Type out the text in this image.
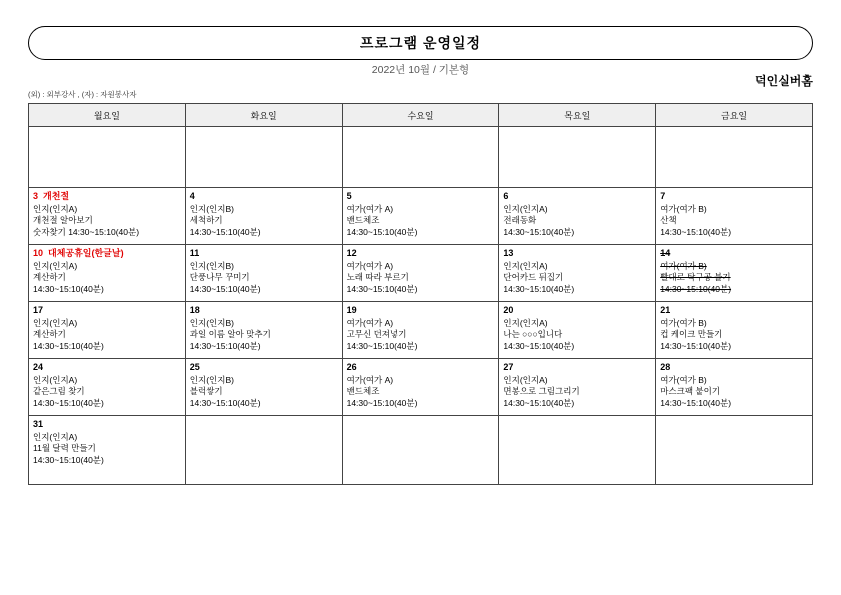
프로그램 운영일정
2022년 10월 / 기본형
(외) : 외부강사 , (자) : 자원봉사자
덕인실버홈
월요일	화요일	수요일	목요일	금요일

3  개천절
인지(인지A)
개천절 알아보기
숫자찾기 14:30~15:10(40분)	4
인지(인지B)
세척하기
14:30~15:10(40분)	5
여가(여가 A)
밴드체조
14:30~15:10(40분)	6
인지(인지A)
전래동화
14:30~15:10(40분)	7
여가(여가 B)
산책
14:30~15:10(40분)

10  대체공휴일(한글날)
인지(인지A)
계산하기
14:30~15:10(40분)	11
인지(인지B)
단풍나무 꾸미기
14:30~15:10(40분)	12
여가(여가 A)
노래 따라 부르기
14:30~15:10(40분)	13
인지(인지A)
단어카드 뒤집기
14:30~15:10(40분)	14
여가(여가 B)
빨대로 탁구공 불기
14:30~15:10(40분)

17
인지(인지A)
계산하기
14:30~15:10(40분)	18
인지(인지B)
과일 이름 알아 맞추기
14:30~15:10(40분)	19
여가(여가 A)
고무신 던져넣기
14:30~15:10(40분)	20
인지(인지A)
나는 ○○○입니다
14:30~15:10(40분)	21
여가(여가 B)
컵 케이크 만들기
14:30~15:10(40분)

24
인지(인지A)
같은그림 찾기
14:30~15:10(40분)	25
인지(인지B)
블럭쌓기
14:30~15:10(40분)	26
여가(여가 A)
밴드체조
14:30~15:10(40분)	27
인지(인지A)
면봉으로 그림그리기
14:30~15:10(40분)	28
여가(여가 B)
마스크팩 붙이기
14:30~15:10(40분)

31
인지(인지A)
11월 달력 만들기
14:30~15:10(40분)				
